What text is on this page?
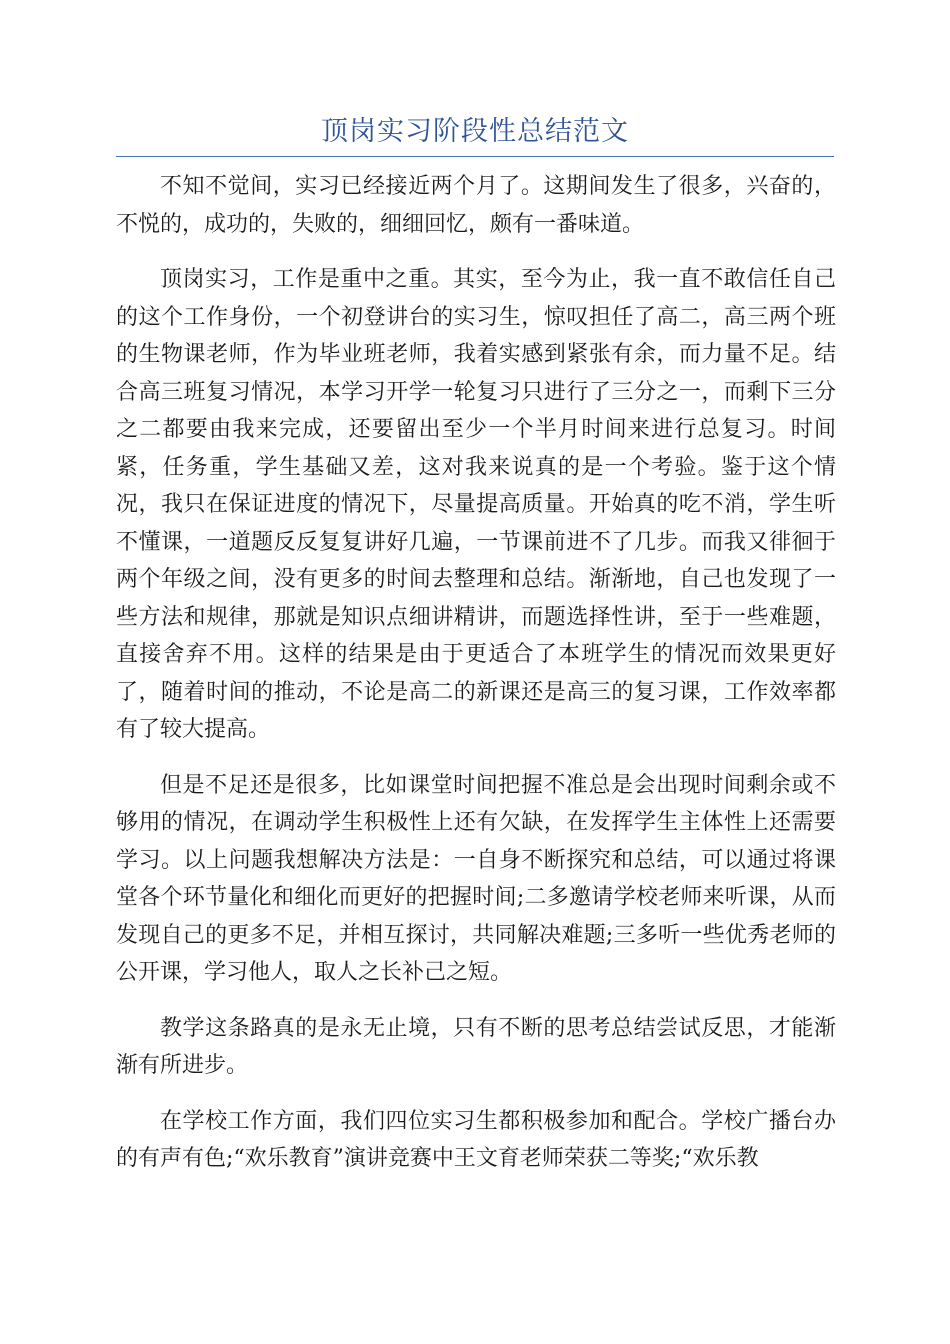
顶岗实习阶段性总结范文

不知不觉间，实习已经接近两个月了。这期间发生了很多，兴奋的，不悦的，成功的，失败的，细细回忆，颇有一番味道。

顶岗实习，工作是重中之重。其实，至今为止，我一直不敢信任自己的这个工作身份，一个初登讲台的实习生，惊叹担任了高二，高三两个班的生物课老师，作为毕业班老师，我着实感到紧张有余，而力量不足。结合高三班复习情况，本学习开学一轮复习只进行了三分之一，而剩下三分之二都要由我来完成，还要留出至少一个半月时间来进行总复习。时间紧，任务重，学生基础又差，这对我来说真的是一个考验。鉴于这个情况，我只在保证进度的情况下，尽量提高质量。开始真的吃不消，学生听不懂课，一道题反反复复讲好几遍，一节课前进不了几步。而我又徘徊于两个年级之间，没有更多的时间去整理和总结。渐渐地，自己也发现了一些方法和规律，那就是知识点细讲精讲，而题选择性讲，至于一些难题，直接舍弃不用。这样的结果是由于更适合了本班学生的情况而效果更好了，随着时间的推动，不论是高二的新课还是高三的复习课，工作效率都有了较大提高。

但是不足还是很多，比如课堂时间把握不准总是会出现时间剩余或不够用的情况，在调动学生积极性上还有欠缺，在发挥学生主体性上还需要学习。以上问题我想解决方法是：一自身不断探究和总结，可以通过将课堂各个环节量化和细化而更好的把握时间;二多邀请学校老师来听课，从而发现自己的更多不足，并相互探讨，共同解决难题;三多听一些优秀老师的公开课，学习他人，取人之长补己之短。

教学这条路真的是永无止境，只有不断的思考总结尝试反思，才能渐渐有所进步。

在学校工作方面，我们四位实习生都积极参加和配合。学校广播台办的有声有色;“欢乐教育”演讲竞赛中王文育老师荣获二等奖;“欢乐教
